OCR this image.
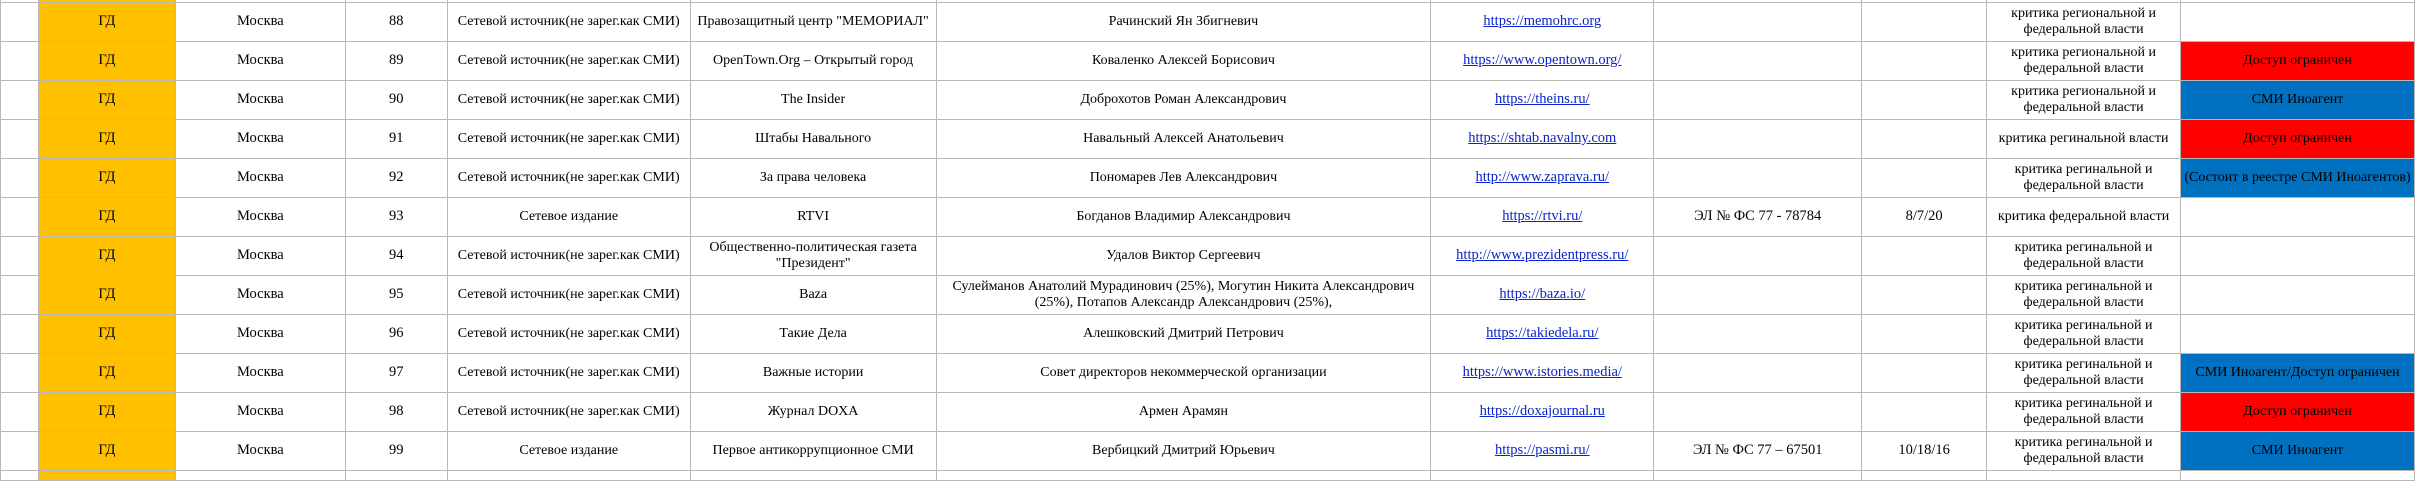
	ГД	Москва	88	Сетевой источник(не зарег.как СМИ)	Правозащитный центр "МЕМОРИАЛ"	Рачинский Ян Збигневич	https://memohrc.org			критика региональной и федеральной власти	
	ГД	Москва	89	Сетевой источник(не зарег.как СМИ)	OpenTown.Org – Открытый город	Коваленко Алексей Борисович	https://www.opentown.org/			критика региональной и федеральной власти	Доступ ограничен
	ГД	Москва	90	Сетевой источник(не зарег.как СМИ)	The Insider	Доброхотов Роман Александрович	https://theins.ru/			критика региональной и федеральной власти	СМИ Иноагент
	ГД	Москва	91	Сетевой источник(не зарег.как СМИ)	Штабы Навального	Навальный Алексей Анатольевич	https://shtab.navalny.com			критика регинальной власти	Доступ ограничен
	ГД	Москва	92	Сетевой источник(не зарег.как СМИ)	За права человека	Пономарев Лев Александрович	http://www.zaprava.ru/			критика регинальной и федеральной власти	(Состоит в реестре СМИ Иноагентов)
	ГД	Москва	93	Сетевое издание	RTVI	Богданов Владимир Александрович	https://rtvi.ru/	ЭЛ № ФС 77 - 78784	8/7/20	критика федеральной власти	
	ГД	Москва	94	Сетевой источник(не зарег.как СМИ)	Общественно-политическая газета "Президент"	Удалов Виктор Сергеевич	http://www.prezidentpress.ru/			критика регинальной и федеральной власти	
	ГД	Москва	95	Сетевой источник(не зарег.как СМИ)	Baza	Сулейманов Анатолий Мурадинович (25%), Могутин Никита Александрович (25%), Потапов Александр Александрович (25%),	https://baza.io/			критика регинальной и федеральной власти	
	ГД	Москва	96	Сетевой источник(не зарег.как СМИ)	Такие Дела	Алешковский Дмитрий Петрович	https://takiedela.ru/			критика регинальной и федеральной власти	
	ГД	Москва	97	Сетевой источник(не зарег.как СМИ)	Важные истории	Совет директоров некоммерческой организации	https://www.istories.media/			критика регинальной и федеральной власти	СМИ Иноагент/Доступ ограничен
	ГД	Москва	98	Сетевой источник(не зарег.как СМИ)	Журнал DOXA	Армен Арамян	https://doxajournal.ru			критика регинальной и федеральной власти	Доступ ограничен
	ГД	Москва	99	Сетевое издание	Первое антикоррупционное СМИ	Вербицкий Дмитрий Юрьевич	https://pasmi.ru/	ЭЛ № ФС 77 – 67501	10/18/16	критика регинальной и федеральной власти	СМИ Иноагент
